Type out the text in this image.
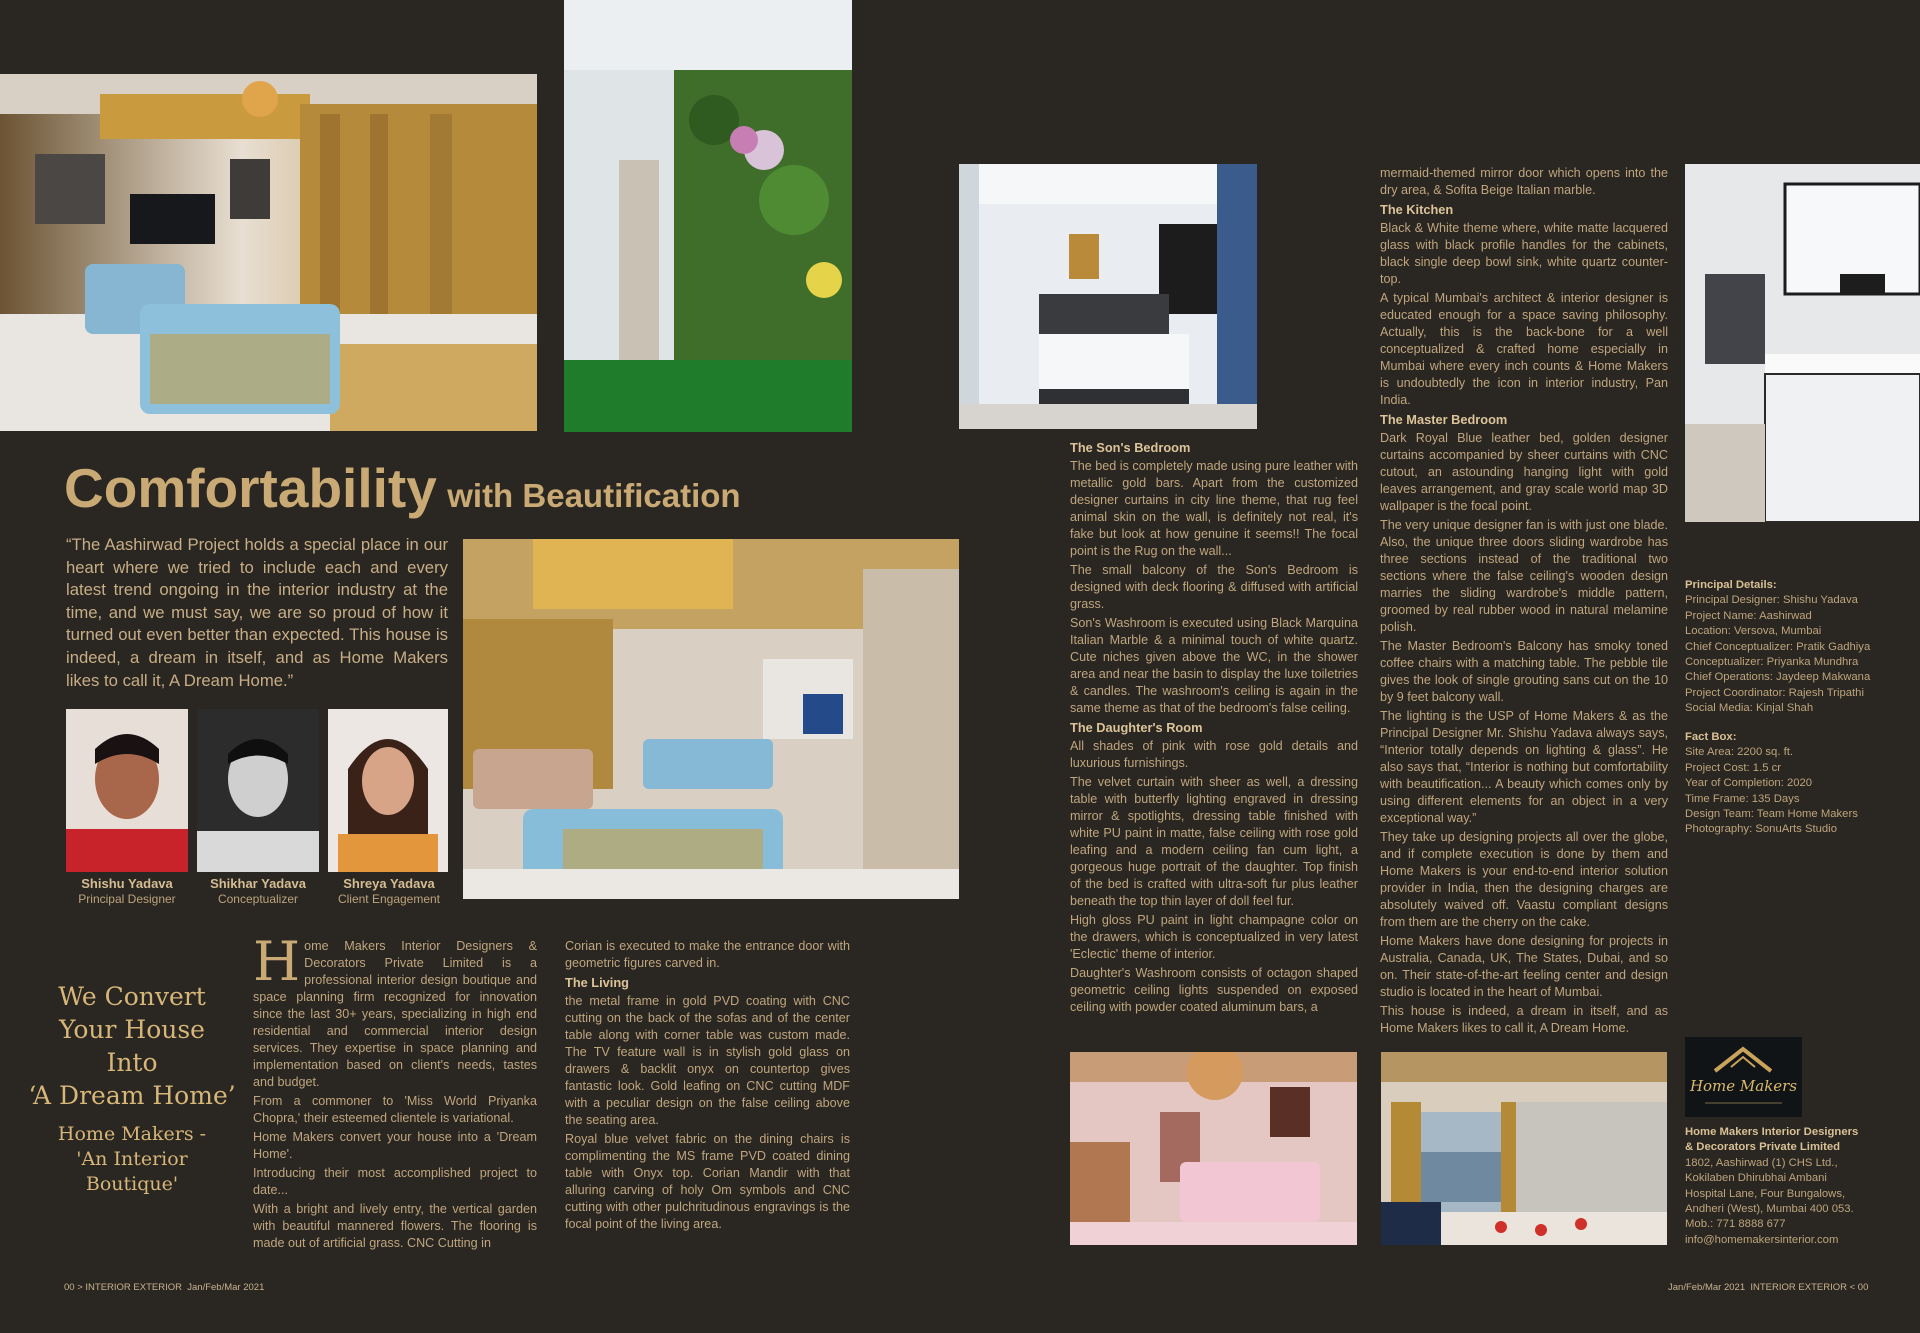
Comfortability with Beautification

“The Aashirwad Project holds a special place in our heart where we tried to include each and every latest trend ongoing in the interior industry at the time, and we must say, we are so proud of how it turned out even better than expected. This house is indeed, a dream in itself, and as Home Makers likes to call it, A Dream Home.”

Shishu Yadava
Principal Designer
Shikhar Yadava
Conceptualizer
Shreya Yadava
Client Engagement
We Convert
Your House
Into
‘A Dream Home’
Home Makers -
'An Interior
Boutique'

Home Makers Interior Designers & Decorators Private Limited is a professional interior design boutique and space planning firm recognized for innovation since the last 30+ years, specializing in high end residential and commercial interior design services. They expertise in space planning and implementation based on client's needs, tastes and budget.

From a commoner to 'Miss World Priyanka Chopra,' their esteemed clientele is variational.

Home Makers convert your house into a 'Dream Home'.

Introducing their most accomplished project to date...

With a bright and lively entry, the vertical garden with beautiful mannered flowers. The flooring is made out of artificial grass. CNC Cutting in

Corian is executed to make the entrance door with geometric figures carved in.

The Living

the metal frame in gold PVD coating with CNC cutting on the back of the sofas and of the center table along with corner table was custom made. The TV feature wall is in stylish gold glass on drawers & backlit onyx on countertop gives fantastic look. Gold leafing on CNC cutting MDF with a peculiar design on the false ceiling above the seating area.

Royal blue velvet fabric on the dining chairs is complimenting the MS frame PVD coated dining table with Onyx top. Corian Mandir with that alluring carving of holy Om symbols and CNC cutting with other pulchritudinous engravings is the focal point of the living area.

The Son's Bedroom

The bed is completely made using pure leather with metallic gold bars. Apart from the customized designer curtains in city line theme, that rug feel animal skin on the wall, is definitely not real, it's fake but look at how genuine it seems!! The focal point is the Rug on the wall...

The small balcony of the Son's Bedroom is designed with deck flooring & diffused with artificial grass.

Son's Washroom is executed using Black Marquina Italian Marble & a minimal touch of white quartz. Cute niches given above the WC, in the shower area and near the basin to display the luxe toiletries & candles. The washroom's ceiling is again in the same theme as that of the bedroom's false ceiling.

The Daughter's Room

All shades of pink with rose gold details and luxurious furnishings.

The velvet curtain with sheer as well, a dressing table with butterfly lighting engraved in dressing mirror & spotlights, dressing table finished with white PU paint in matte, false ceiling with rose gold leafing and a modern ceiling fan cum light, a gorgeous huge portrait of the daughter. Top finish of the bed is crafted with ultra-soft fur plus leather beneath the top thin layer of doll feel fur.

High gloss PU paint in light champagne color on the drawers, which is conceptualized in very latest 'Eclectic' theme of interior.

Daughter's Washroom consists of octagon shaped geometric ceiling lights suspended on exposed ceiling with powder coated aluminum bars, a

mermaid-themed mirror door which opens into the dry area, & Sofita Beige Italian marble.

The Kitchen

Black & White theme where, white matte lacquered glass with black profile handles for the cabinets, black single deep bowl sink, white quartz counter-top.

A typical Mumbai's architect & interior designer is educated enough for a space saving philosophy. Actually, this is the back-bone for a well conceptualized & crafted home especially in Mumbai where every inch counts & Home Makers is undoubtedly the icon in interior industry, Pan India.

The Master Bedroom

Dark Royal Blue leather bed, golden designer curtains accompanied by sheer curtains with CNC cutout, an astounding hanging light with gold leaves arrangement, and gray scale world map 3D wallpaper is the focal point.

The very unique designer fan is with just one blade. Also, the unique three doors sliding wardrobe has three sections instead of the traditional two sections where the false ceiling's wooden design marries the sliding wardrobe's middle pattern, groomed by real rubber wood in natural melamine polish.

The Master Bedroom's Balcony has smoky toned coffee chairs with a matching table. The pebble tile gives the look of single grouting sans cut on the 10 by 9 feet balcony wall.

The lighting is the USP of Home Makers & as the Principal Designer Mr. Shishu Yadava always says, “Interior totally depends on lighting & glass”. He also says that, “Interior is nothing but comfortability with beautification... A beauty which comes only by using different elements for an object in a very exceptional way.”

They take up designing projects all over the globe, and if complete execution is done by them and Home Makers is your end-to-end interior solution provider in India, then the designing charges are absolutely waived off. Vaastu compliant designs from them are the cherry on the cake.

Home Makers have done designing for projects in Australia, Canada, UK, The States, Dubai, and so on. Their state-of-the-art feeling center and design studio is located in the heart of Mumbai.

This house is indeed, a dream in itself, and as Home Makers likes to call it, A Dream Home.

Principal Details:
Principal Designer: Shishu Yadava
Project Name: Aashirwad
Location: Versova, Mumbai
Chief Conceptualizer: Pratik Gadhiya
Conceptualizer: Priyanka Mundhra
Chief Operations: Jaydeep Makwana
Project Coordinator: Rajesh Tripathi
Social Media: Kinjal Shah
Fact Box:
Site Area: 2200 sq. ft.
Project Cost: 1.5 cr
Year of Completion: 2020
Time Frame: 135 Days
Design Team: Team Home Makers
Photography: SonuArts Studio
Home Makers
Home Makers Interior Designers
& Decorators Private Limited
1802, Aashirwad (1) CHS Ltd.,
Kokilaben Dhirubhai Ambani
Hospital Lane, Four Bungalows,
Andheri (West), Mumbai 400 053.
Mob.: 771 8888 677
info@homemakersinterior.com
00 > INTERIOR EXTERIOR  Jan/Feb/Mar 2021	Jan/Feb/Mar 2021  INTERIOR EXTERIOR < 00
